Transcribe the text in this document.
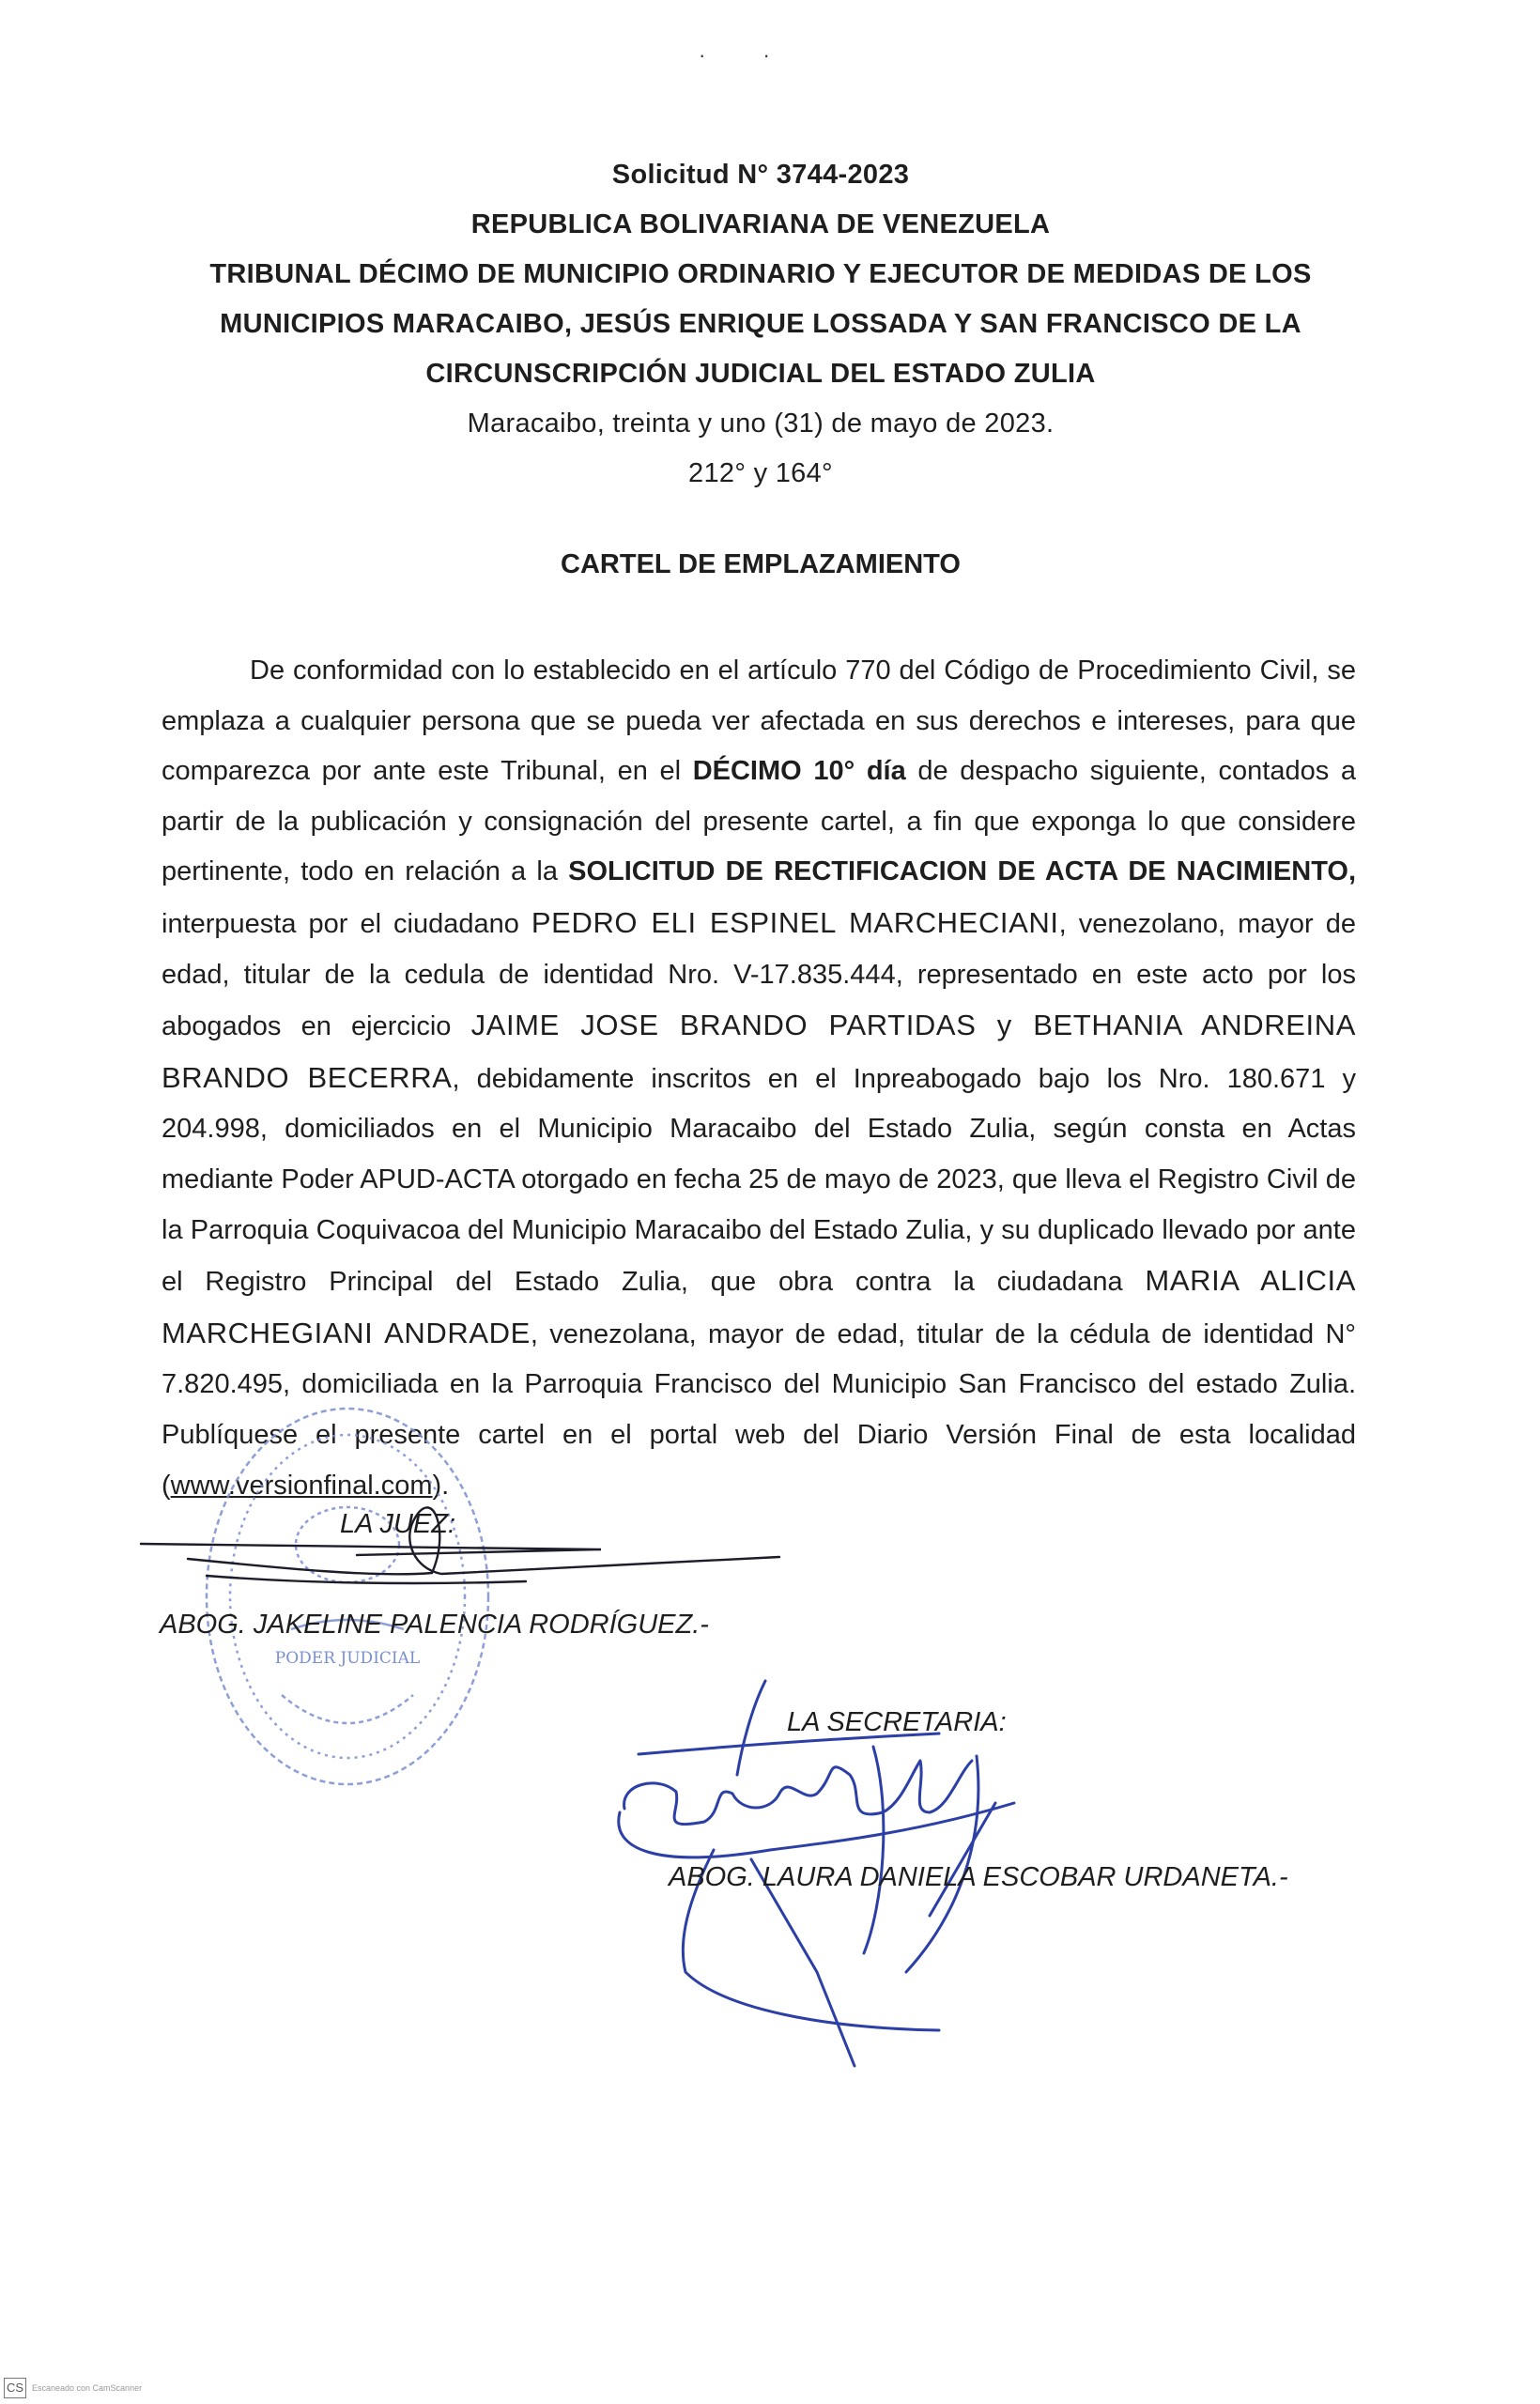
·          ·
Solicitud N° 3744-2023
REPUBLICA BOLIVARIANA DE VENEZUELA
TRIBUNAL DÉCIMO DE MUNICIPIO ORDINARIO Y EJECUTOR DE MEDIDAS DE LOS
MUNICIPIOS MARACAIBO, JESÚS ENRIQUE LOSSADA Y SAN FRANCISCO DE LA
CIRCUNSCRIPCIÓN JUDICIAL DEL ESTADO ZULIA
Maracaibo, treinta y uno (31) de mayo de 2023.
212° y 164°
CARTEL DE EMPLAZAMIENTO
De conformidad con lo establecido en el artículo 770 del Código de Procedimiento Civil, se emplaza a cualquier persona que se pueda ver afectada en sus derechos e intereses, para que comparezca por ante este Tribunal, en el DÉCIMO 10° día de despacho siguiente, contados a partir de la publicación y consignación del presente cartel, a fin que exponga lo que considere pertinente, todo en relación a la SOLICITUD DE RECTIFICACION DE ACTA DE NACIMIENTO, interpuesta por el ciudadano PEDRO ELI ESPINEL MARCHECIANI, venezolano, mayor de edad, titular de la cedula de identidad Nro. V-17.835.444, representado en este acto por los abogados en ejercicio JAIME JOSE BRANDO PARTIDAS y BETHANIA ANDREINA BRANDO BECERRA, debidamente inscritos en el Inpreabogado bajo los Nro. 180.671 y 204.998, domiciliados en el Municipio Maracaibo del Estado Zulia, según consta en Actas mediante Poder APUD-ACTA otorgado en fecha 25 de mayo de 2023, que lleva el Registro Civil de la Parroquia Coquivacoa del Municipio Maracaibo del Estado Zulia, y su duplicado llevado por ante el Registro Principal del Estado Zulia, que obra contra la ciudadana MARIA ALICIA MARCHEGIANI ANDRADE, venezolana, mayor de edad, titular de la cédula de identidad N° 7.820.495, domiciliada en la Parroquia Francisco del Municipio San Francisco del estado Zulia. Publíquese el presente cartel en el portal web del Diario Versión Final de esta localidad (www.versionfinal.com).
PODER JUDICIAL
LA JUEZ:
ABOG. JAKELINE PALENCIA RODRÍGUEZ.-
LA SECRETARIA:
ABOG. LAURA DANIELA ESCOBAR URDANETA.-
CS Escaneado con CamScanner
